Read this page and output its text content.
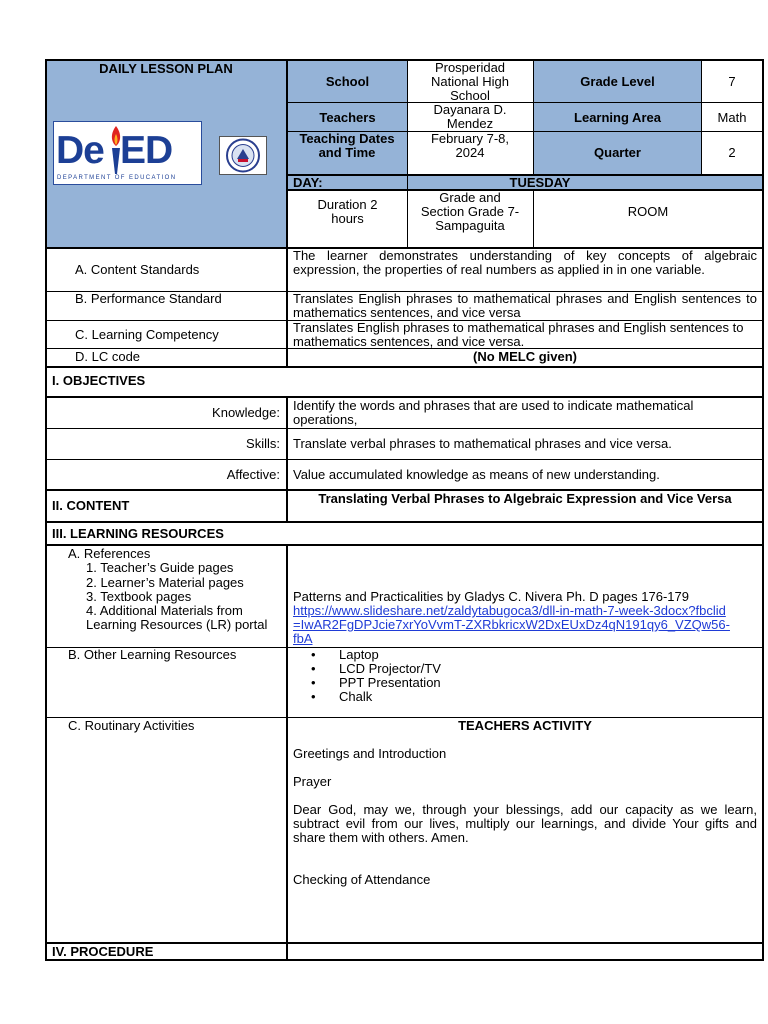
De ED
DEPARTMENT OF EDUCATION
DAILY LESSON PLAN
School
Prosperidad National High School
Grade Level	7
Teachers
Dayanara D. Mendez	Learning Area	Math
Teaching Dates and Time
February 7-8, 2024	Quarter	2
DAY:	TUESDAY
Duration 2 hours
Grade and Section Grade 7- Sampaguita
ROOM
A. Content Standards
The learner demonstrates understanding of key concepts of algebraic expression, the properties of real numbers as applied in in one variable.
B. Performance Standard	Translates English phrases to mathematical phrases and English sentences to mathematics sentences, and vice versa
C. Learning Competency	Translates English phrases to mathematical phrases and English sentences to mathematics sentences, and vice versa.
D. LC code	(No MELC given)
I. OBJECTIVES
Knowledge: Identify the words and phrases that are used to indicate mathematical operations,
Skills: Translate verbal phrases to mathematical phrases and vice versa.
Affective: Value accumulated knowledge as means of new understanding.
II. CONTENT	Translating Verbal Phrases to Algebraic Expression and Vice Versa
III. LEARNING RESOURCES
A. References
1. Teacher’s Guide pages
2. Learner’s Material pages
3. Textbook pages	Patterns and Practicalities by Gladys C. Nivera Ph. D pages 176-179
4. Additional Materials from Learning Resources (LR) portal
https://www.slideshare.net/zaldytabugoca3/dll-in-math-7-week-3docx?fbclid=IwAR2FgDPJcie7xrYoVvmT-ZXRbkricxW2DxEUxDz4qN191qy6_VZQw56-fbA
B. Other Learning Resources
•	Laptop
• LCD Projector/TV
• PPT Presentation
• Chalk
C. Routinary Activities	TEACHERS ACTIVITY
Greetings and Introduction
Prayer
Dear God, may we, through your blessings, add our capacity as we learn, subtract evil from our lives, multiply our learnings, and divide Your gifts and share them with others. Amen.
Checking of Attendance
IV. PROCEDURE
